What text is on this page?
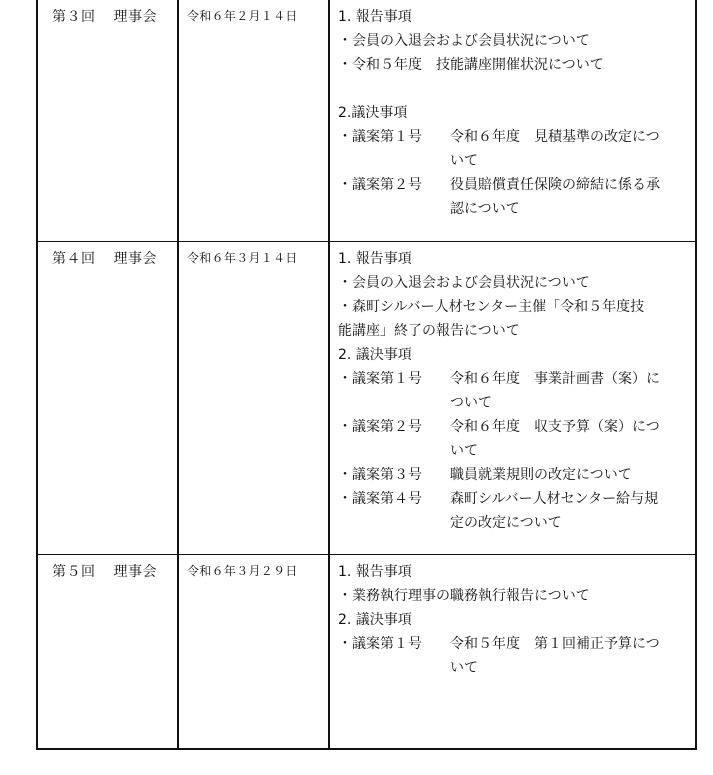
第３回 理事会	令和６年２月１４日	1. 報告事項
・会員の入退会および会員状況について
・令和５年度　技能講座開催状況について
2.議決事項
・議案第１号	令和６年度　見積基準の改定につ
いて
・議案第２号	役員賠償責任保険の締結に係る承
認について
第４回 理事会	令和６年３月１４日	1. 報告事項
・会員の入退会および会員状況について
・森町シルバー人材センター主催「令和５年度技
能講座」終了の報告について
2. 議決事項
・議案第１号	令和６年度　事業計画書（案）に
ついて
・議案第２号	令和６年度　収支予算（案）につ
いて
・議案第３号	職員就業規則の改定について
・議案第４号	森町シルバー人材センター給与規
定の改定について
第５回 理事会	令和６年３月２９日	1. 報告事項
・業務執行理事の職務執行報告について
2. 議決事項
・議案第１号	令和５年度　第１回補正予算につ
いて
